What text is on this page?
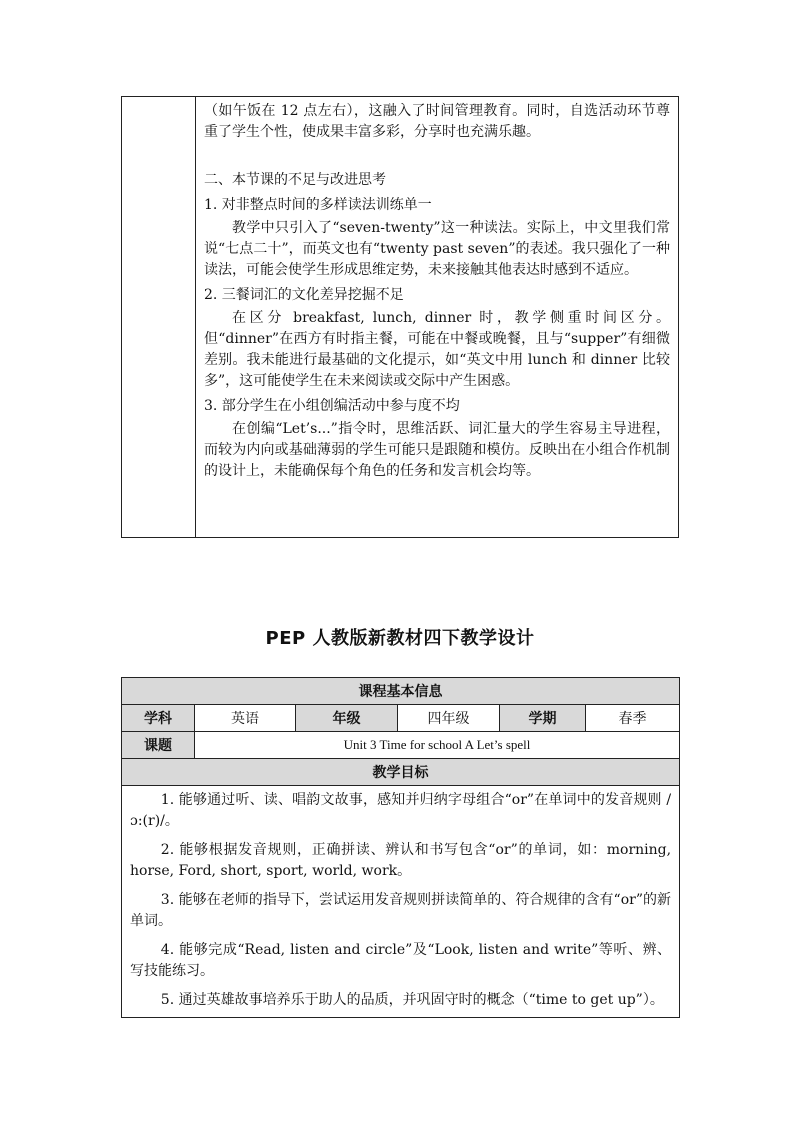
（如午饭在 12 点左右），这融入了时间管理教育。同时，自选活动环节尊重了学生个性，使成果丰富多彩，分享时也充满乐趣。

二、本节课的不足与改进思考

1. 对非整点时间的多样读法训练单一

教学中只引入了“seven-twenty”这一种读法。实际上，中文里我们常说“七点二十”，而英文也有“twenty past seven”的表述。我只强化了一种读法，可能会使学生形成思维定势，未来接触其他表达时感到不适应。

2. 三餐词汇的文化差异挖掘不足

在区分 breakfast, lunch, dinner 时，教学侧重时间区分。但“dinner”在西方有时指主餐，可能在中餐或晚餐，且与“supper”有细微差别。我未能进行最基础的文化提示，如“英文中用 lunch 和 dinner 比较多”，这可能使学生在未来阅读或交际中产生困惑。

3. 部分学生在小组创编活动中参与度不均

在创编“Let’s...”指令时，思维活跃、词汇量大的学生容易主导进程，而较为内向或基础薄弱的学生可能只是跟随和模仿。反映出在小组合作机制的设计上，未能确保每个角色的任务和发言机会均等。

PEP 人教版新教材四下教学设计
课程基本信息					
学科	英语	年级	四年级	学期	春季
课题	Unit 3 Time for school A Let’s spell				
教学目标					

1. 能够通过听、读、唱韵文故事，感知并归纳字母组合“or”在单词中的发音规则 /ɔ:(r)/。

2. 能够根据发音规则，正确拼读、辨认和书写包含“or”的单词，如：morning, horse, Ford, short, sport, world, work。

3. 能够在老师的指导下，尝试运用发音规则拼读简单的、符合规律的含有“or”的新单词。

4. 能够完成“Read, listen and circle”及“Look, listen and write”等听、辨、写技能练习。

5. 通过英雄故事培养乐于助人的品质，并巩固守时的概念（“time to get up”）。					
